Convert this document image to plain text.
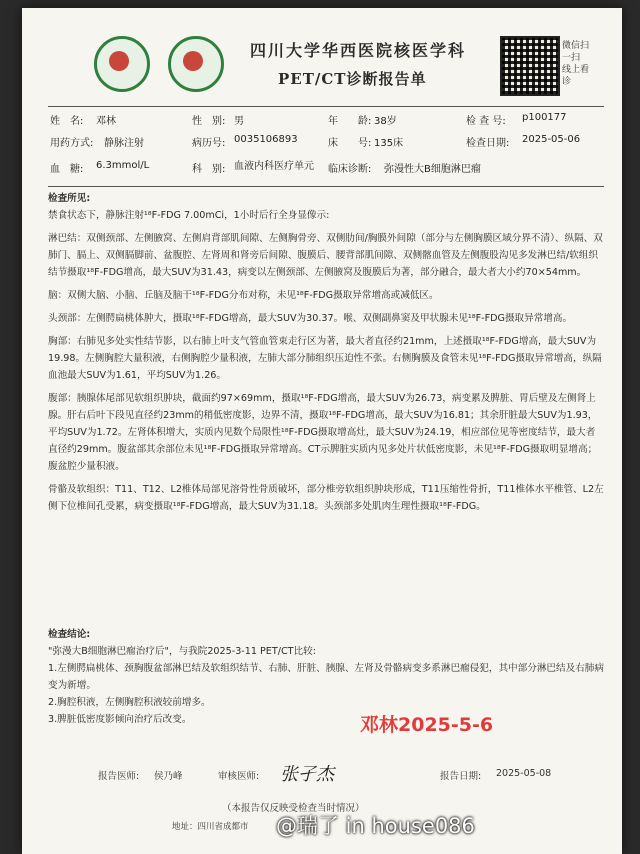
四川大学华西医院核医学科
PET/CT诊断报告单
微信扫一扫 线上看诊
姓　名: 邓林	性　别: 男	年　　龄: 38岁	检 查 号: p100177
用药方式: 静脉注射	病历号: 0035106893	床　　号: 135床	检查日期: 2025-05-06
血　糖: 6.3mmol/L	科　别: 血液内科医疗单元	临床诊断: 弥漫性大B细胞淋巴瘤
检查所见:
禁食状态下，静脉注射¹⁸F-FDG 7.00mCi，1小时后行全身显像示:
淋巴结：双侧颈部、左侧腋窝、左侧肩背部肌间隙、左侧胸骨旁、双侧肋间/胸膜外间隙（部分与左侧胸膜区域分界不清）、纵隔、双肺门、膈上、双侧膈脚前、盆腹腔、左肾周和肾旁后间隙、腹膜后、腰背部肌间隙、双侧髂血管及左侧腹股沟见多发淋巴结/软组织结节摄取¹⁸F-FDG增高，最大SUV为31.43，病变以左侧颈部、左侧腋窝及腹膜后为著，部分融合，最大者大小约70×54mm。
脑：双侧大脑、小脑、丘脑及脑干¹⁸F-FDG分布对称，未见¹⁸F-FDG摄取异常增高或减低区。
头颈部：左侧腭扁桃体肿大，摄取¹⁸F-FDG增高，最大SUV为30.37。喉、双侧副鼻窦及甲状腺未见¹⁸F-FDG摄取异常增高。
胸部：右肺见多处实性结节影，以右肺上叶支气管血管束走行区为著，最大者直径约21mm，上述摄取¹⁸F-FDG增高，最大SUV为19.98。左侧胸腔大量积液，右侧胸腔少量积液，左肺大部分肺组织压迫性不张。右侧胸膜及食管未见¹⁸F-FDG摄取异常增高，纵隔血池最大SUV为1.61，平均SUV为1.26。
腹部：胰腺体尾部见软组织肿块，截面约97×69mm，摄取¹⁸F-FDG增高，最大SUV为26.73，病变累及脾脏、胃后壁及左侧肾上腺。肝右后叶下段见直径约23mm的稍低密度影，边界不清，摄取¹⁸F-FDG增高，最大SUV为16.81；其余肝脏最大SUV为1.93，平均SUV为1.72。左肾体积增大，实质内见数个局限性¹⁸F-FDG摄取增高灶，最大SUV为24.19，相应部位见等密度结节，最大者直径约29mm。腹盆部其余部位未见¹⁸F-FDG摄取异常增高。CT示脾脏实质内见多处片状低密度影，未见¹⁸F-FDG摄取明显增高；腹盆腔少量积液。
骨骼及软组织：T11、T12、L2椎体局部见溶骨性骨质破坏，部分椎旁软组织肿块形成，T11压缩性骨折，T11椎体水平椎管、L2左侧下位椎间孔受累，病变摄取¹⁸F-FDG增高，最大SUV为31.18。头颈部多处肌肉生理性摄取¹⁸F-FDG。
检查结论:
"弥漫大B细胞淋巴瘤治疗后"，与我院2025-3-11 PET/CT比较:
1.左侧腭扁桃体、颈胸腹盆部淋巴结及软组织结节、右肺、肝脏、胰腺、左肾及骨骼病变多系淋巴瘤侵犯，其中部分淋巴结及右肺病变为新增。
2.胸腔积液，左侧胸腔积液较前增多。
3.脾脏低密度影倾向治疗后改变。	邓林2025-5-6
报告医师: 侯乃峰	审核医师: 张孑杰	报告日期: 2025-05-08
（本报告仅反映受检查当时情况）
地址：四川省成都市 @瑞了 in house086
